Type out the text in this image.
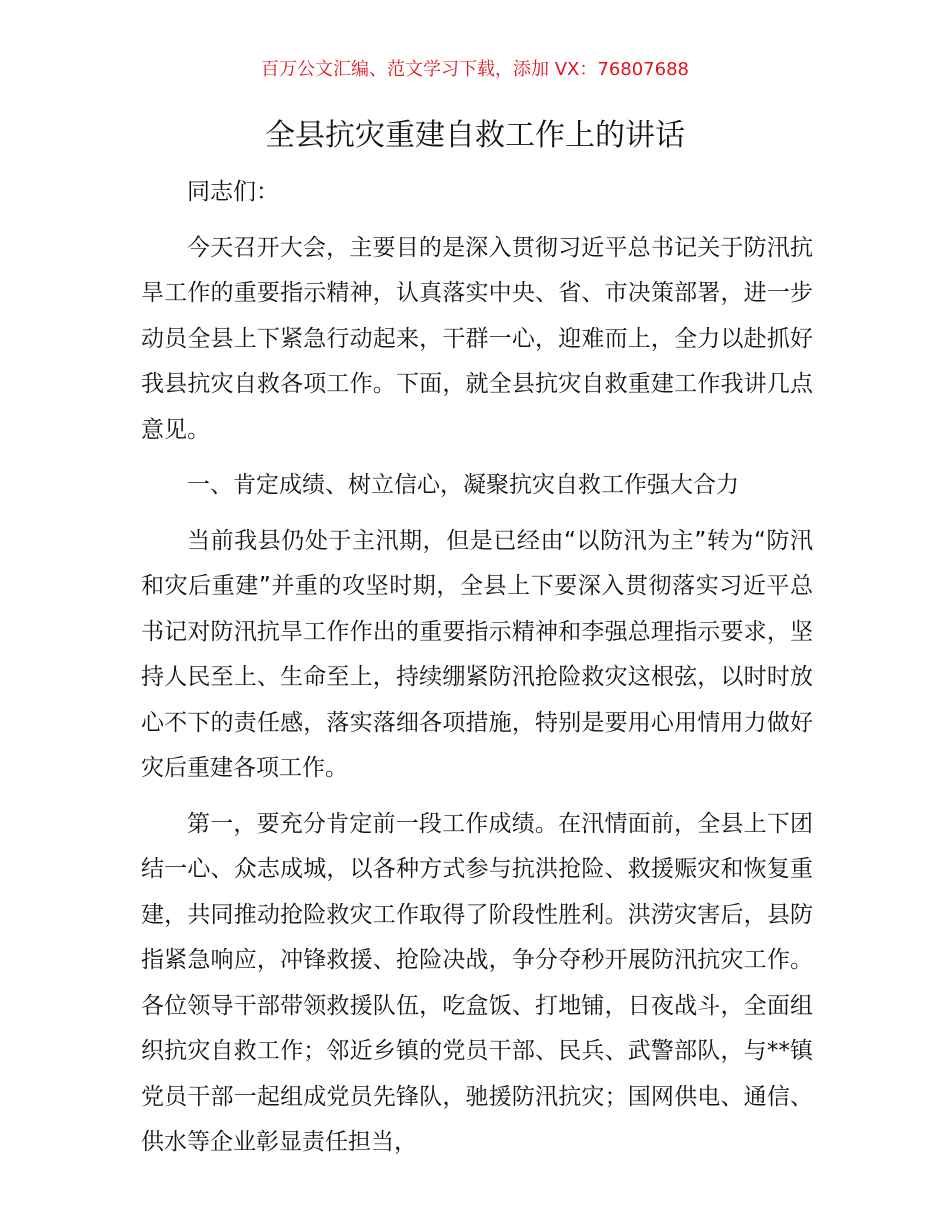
百万公文汇编、范文学习下载，添加 VX：76807688
全县抗灾重建自救工作上的讲话

同志们：

今天召开大会，主要目的是深入贯彻习近平总书记关于防汛抗旱工作的重要指示精神，认真落实中央、省、市决策部署，进一步动员全县上下紧急行动起来，干群一心，迎难而上，全力以赴抓好我县抗灾自救各项工作。下面，就全县抗灾自救重建工作我讲几点意见。

一、肯定成绩、树立信心，凝聚抗灾自救工作强大合力

当前我县仍处于主汛期，但是已经由“以防汛为主”转为“防汛和灾后重建”并重的攻坚时期，全县上下要深入贯彻落实习近平总书记对防汛抗旱工作作出的重要指示精神和李强总理指示要求，坚持人民至上、生命至上，持续绷紧防汛抢险救灾这根弦，以时时放心不下的责任感，落实落细各项措施，特别是要用心用情用力做好灾后重建各项工作。

第一，要充分肯定前一段工作成绩。在汛情面前，全县上下团结一心、众志成城，以各种方式参与抗洪抢险、救援赈灾和恢复重建，共同推动抢险救灾工作取得了阶段性胜利。洪涝灾害后，县防指紧急响应，冲锋救援、抢险决战，争分夺秒开展防汛抗灾工作。各位领导干部带领救援队伍，吃盒饭、打地铺，日夜战斗，全面组织抗灾自救工作；邻近乡镇的党员干部、民兵、武警部队，与**镇党员干部一起组成党员先锋队，驰援防汛抗灾；国网供电、通信、供水等企业彰显责任担当，
